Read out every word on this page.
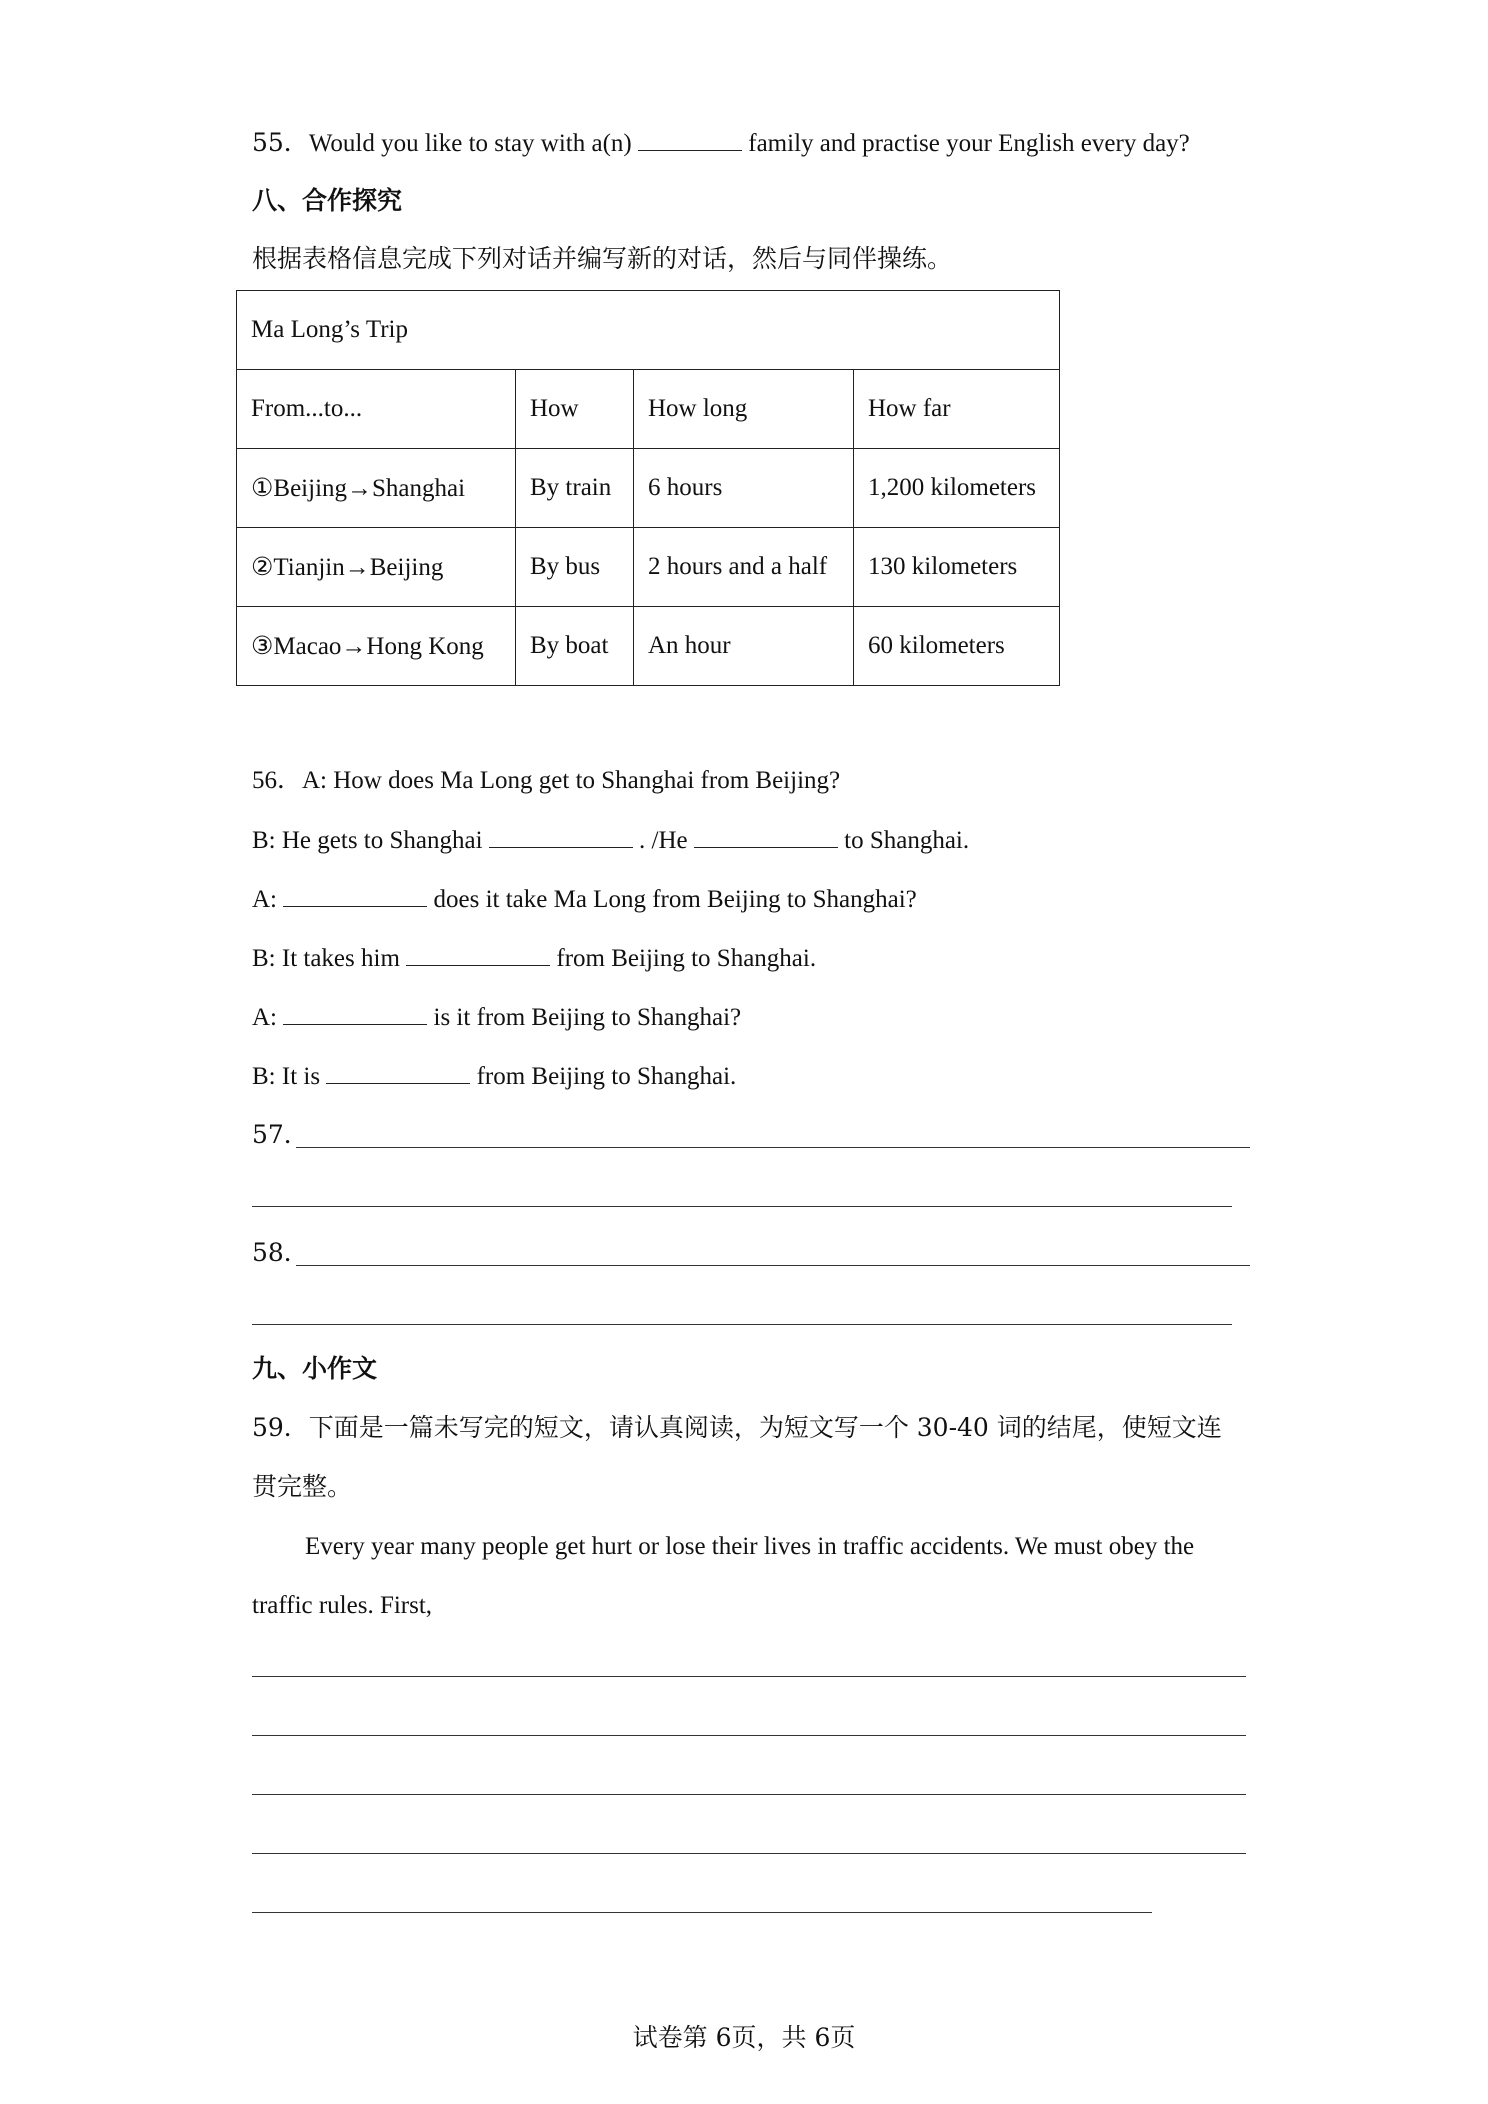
55．Would you like to stay with a(n)	family and practise your English every day?

八、合作探究

根据表格信息完成下列对话并编写新的对话，然后与同伴操练。

Ma Long’s Trip			
From...to...	How	How long	How far
①Beijing→Shanghai	By train	6 hours	1,200 kilometers
②Tianjin→Beijing	By bus	2 hours and a half	130 kilometers
③Macao→Hong Kong	By boat	An hour	60 kilometers

56．A: How does Ma Long get to Shanghai from Beijing?

B: He gets to Shanghai	. /He	to Shanghai.

A:	does it take Ma Long from Beijing to Shanghai?

B: It takes him	from Beijing to Shanghai.

A:	is it from Beijing to Shanghai?

B: It is	from Beijing to Shanghai.

57．

58．

九、小作文

59．下面是一篇未写完的短文，请认真阅读，为短文写一个 30-40 词的结尾，使短文连

贯完整。

Every year many people get hurt or lose their lives in traffic accidents. We must obey the

traffic rules. First,

试卷第 6页，共 6页
